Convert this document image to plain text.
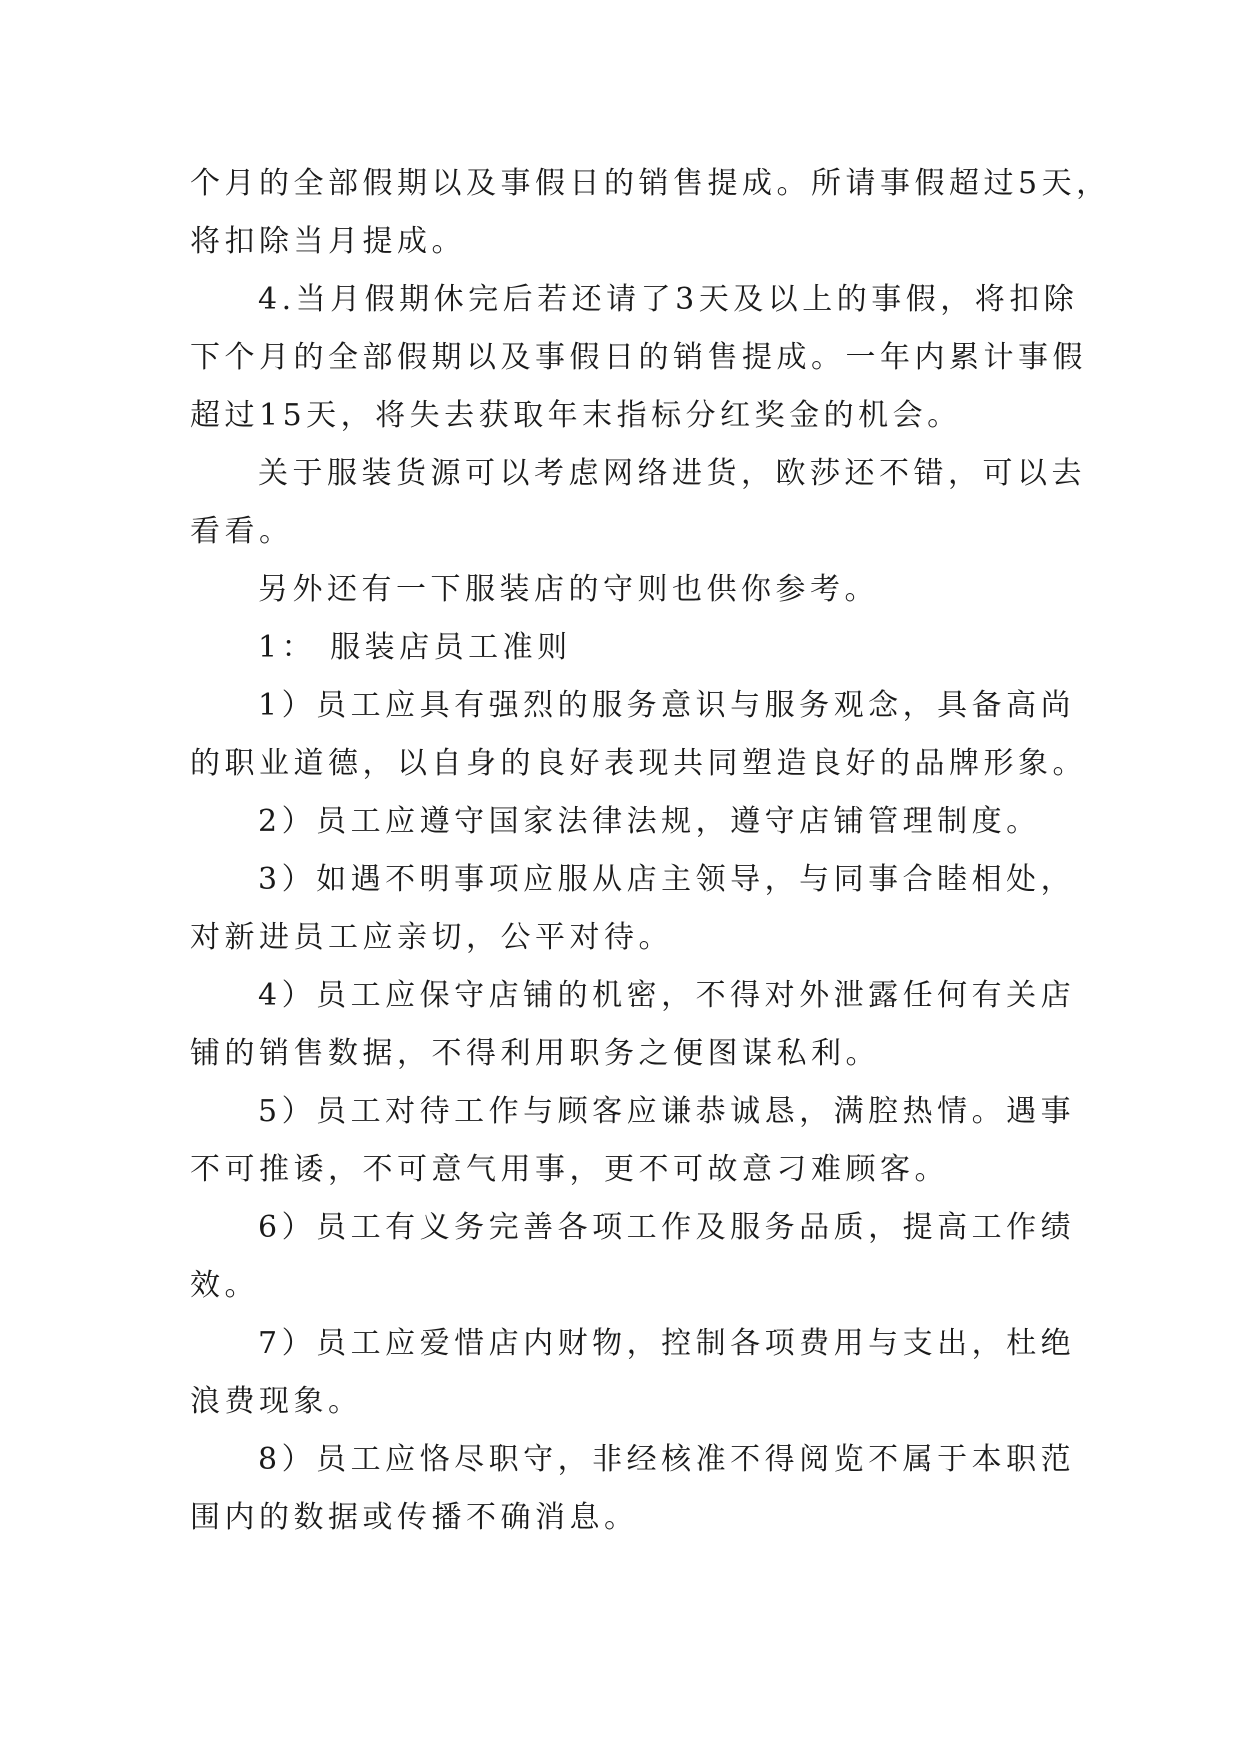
个月的全部假期以及事假日的销售提成。所请事假超过5天，

将扣除当月提成。

4.当月假期休完后若还请了3天及以上的事假，将扣除

下个月的全部假期以及事假日的销售提成。一年内累计事假

超过15天，将失去获取年末指标分红奖金的机会。

关于服装货源可以考虑网络进货，欧莎还不错，可以去

看看。

另外还有一下服装店的守则也供你参考。

1： 服装店员工准则

1）员工应具有强烈的服务意识与服务观念，具备高尚

的职业道德，以自身的良好表现共同塑造良好的品牌形象。

2）员工应遵守国家法律法规，遵守店铺管理制度。

3）如遇不明事项应服从店主领导，与同事合睦相处，

对新进员工应亲切，公平对待。

4）员工应保守店铺的机密，不得对外泄露任何有关店

铺的销售数据，不得利用职务之便图谋私利。

5）员工对待工作与顾客应谦恭诚恳，满腔热情。遇事

不可推诿，不可意气用事，更不可故意刁难顾客。

6）员工有义务完善各项工作及服务品质，提高工作绩

效。

7）员工应爱惜店内财物，控制各项费用与支出，杜绝

浪费现象。

8）员工应恪尽职守，非经核准不得阅览不属于本职范

围内的数据或传播不确消息。
